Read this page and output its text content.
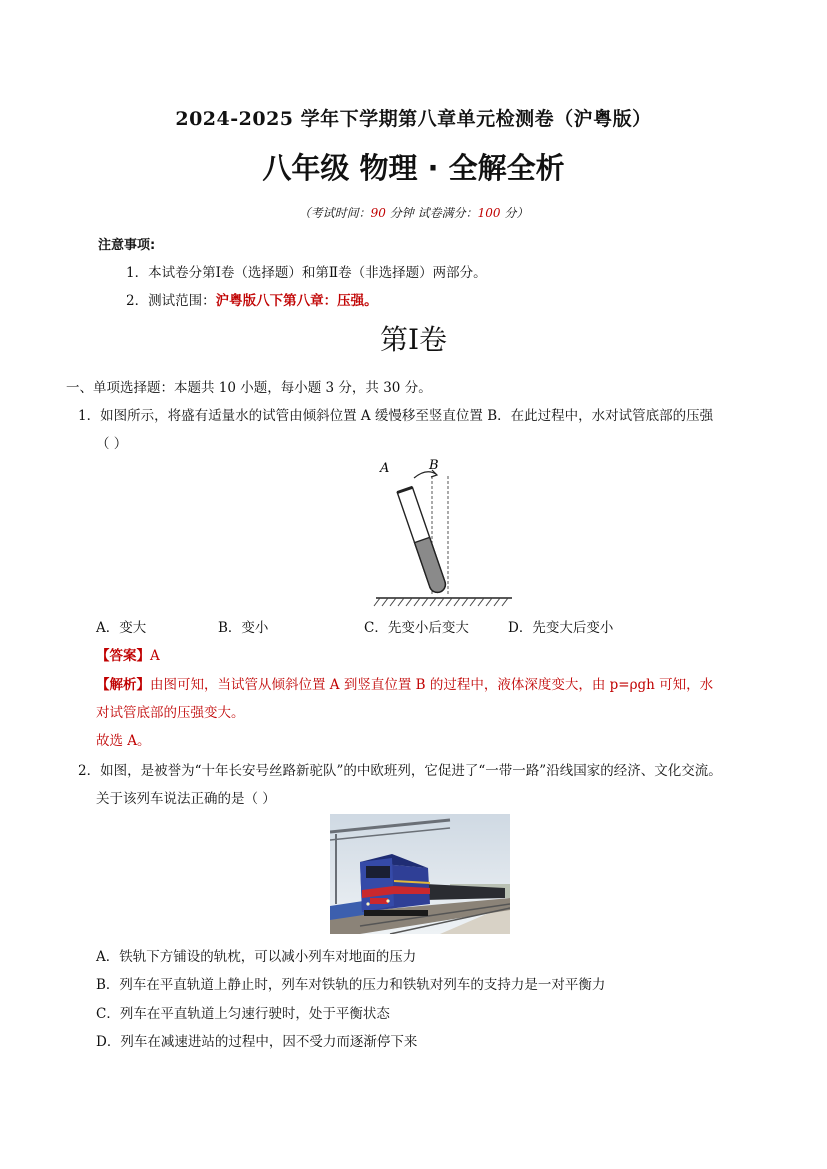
2024-2025 学年下学期第八章单元检测卷（沪粤版）
八年级 物理 · 全解全析
（考试时间：90 分钟 试卷满分：100 分）
注意事项:
1．本试卷分第Ⅰ卷（选择题）和第Ⅱ卷（非选择题）两部分。
2．测试范围：沪粤版八下第八章：压强。
第Ⅰ卷
一、单项选择题：本题共 10 小题，每小题 3 分，共 30 分。
1．如图所示，将盛有适量水的试管由倾斜位置 A 缓慢移至竖直位置 B．在此过程中，水对试管底部的压强
（ ）
A	B
A．变大	B．变小	C．先变小后变大	D．先变大后变小
【答案】A
【解析】由图可知，当试管从倾斜位置 A 到竖直位置 B 的过程中，液体深度变大，由 p=ρgh 可知，水
对试管底部的压强变大。
故选 A。
2．如图，是被誉为“十年长安号丝路新驼队”的中欧班列，它促进了“一带一路”沿线国家的经济、文化交流。
关于该列车说法正确的是（ ）
A．铁轨下方铺设的轨枕，可以减小列车对地面的压力
B．列车在平直轨道上静止时，列车对铁轨的压力和铁轨对列车的支持力是一对平衡力
C．列车在平直轨道上匀速行驶时，处于平衡状态
D．列车在减速进站的过程中，因不受力而逐渐停下来
